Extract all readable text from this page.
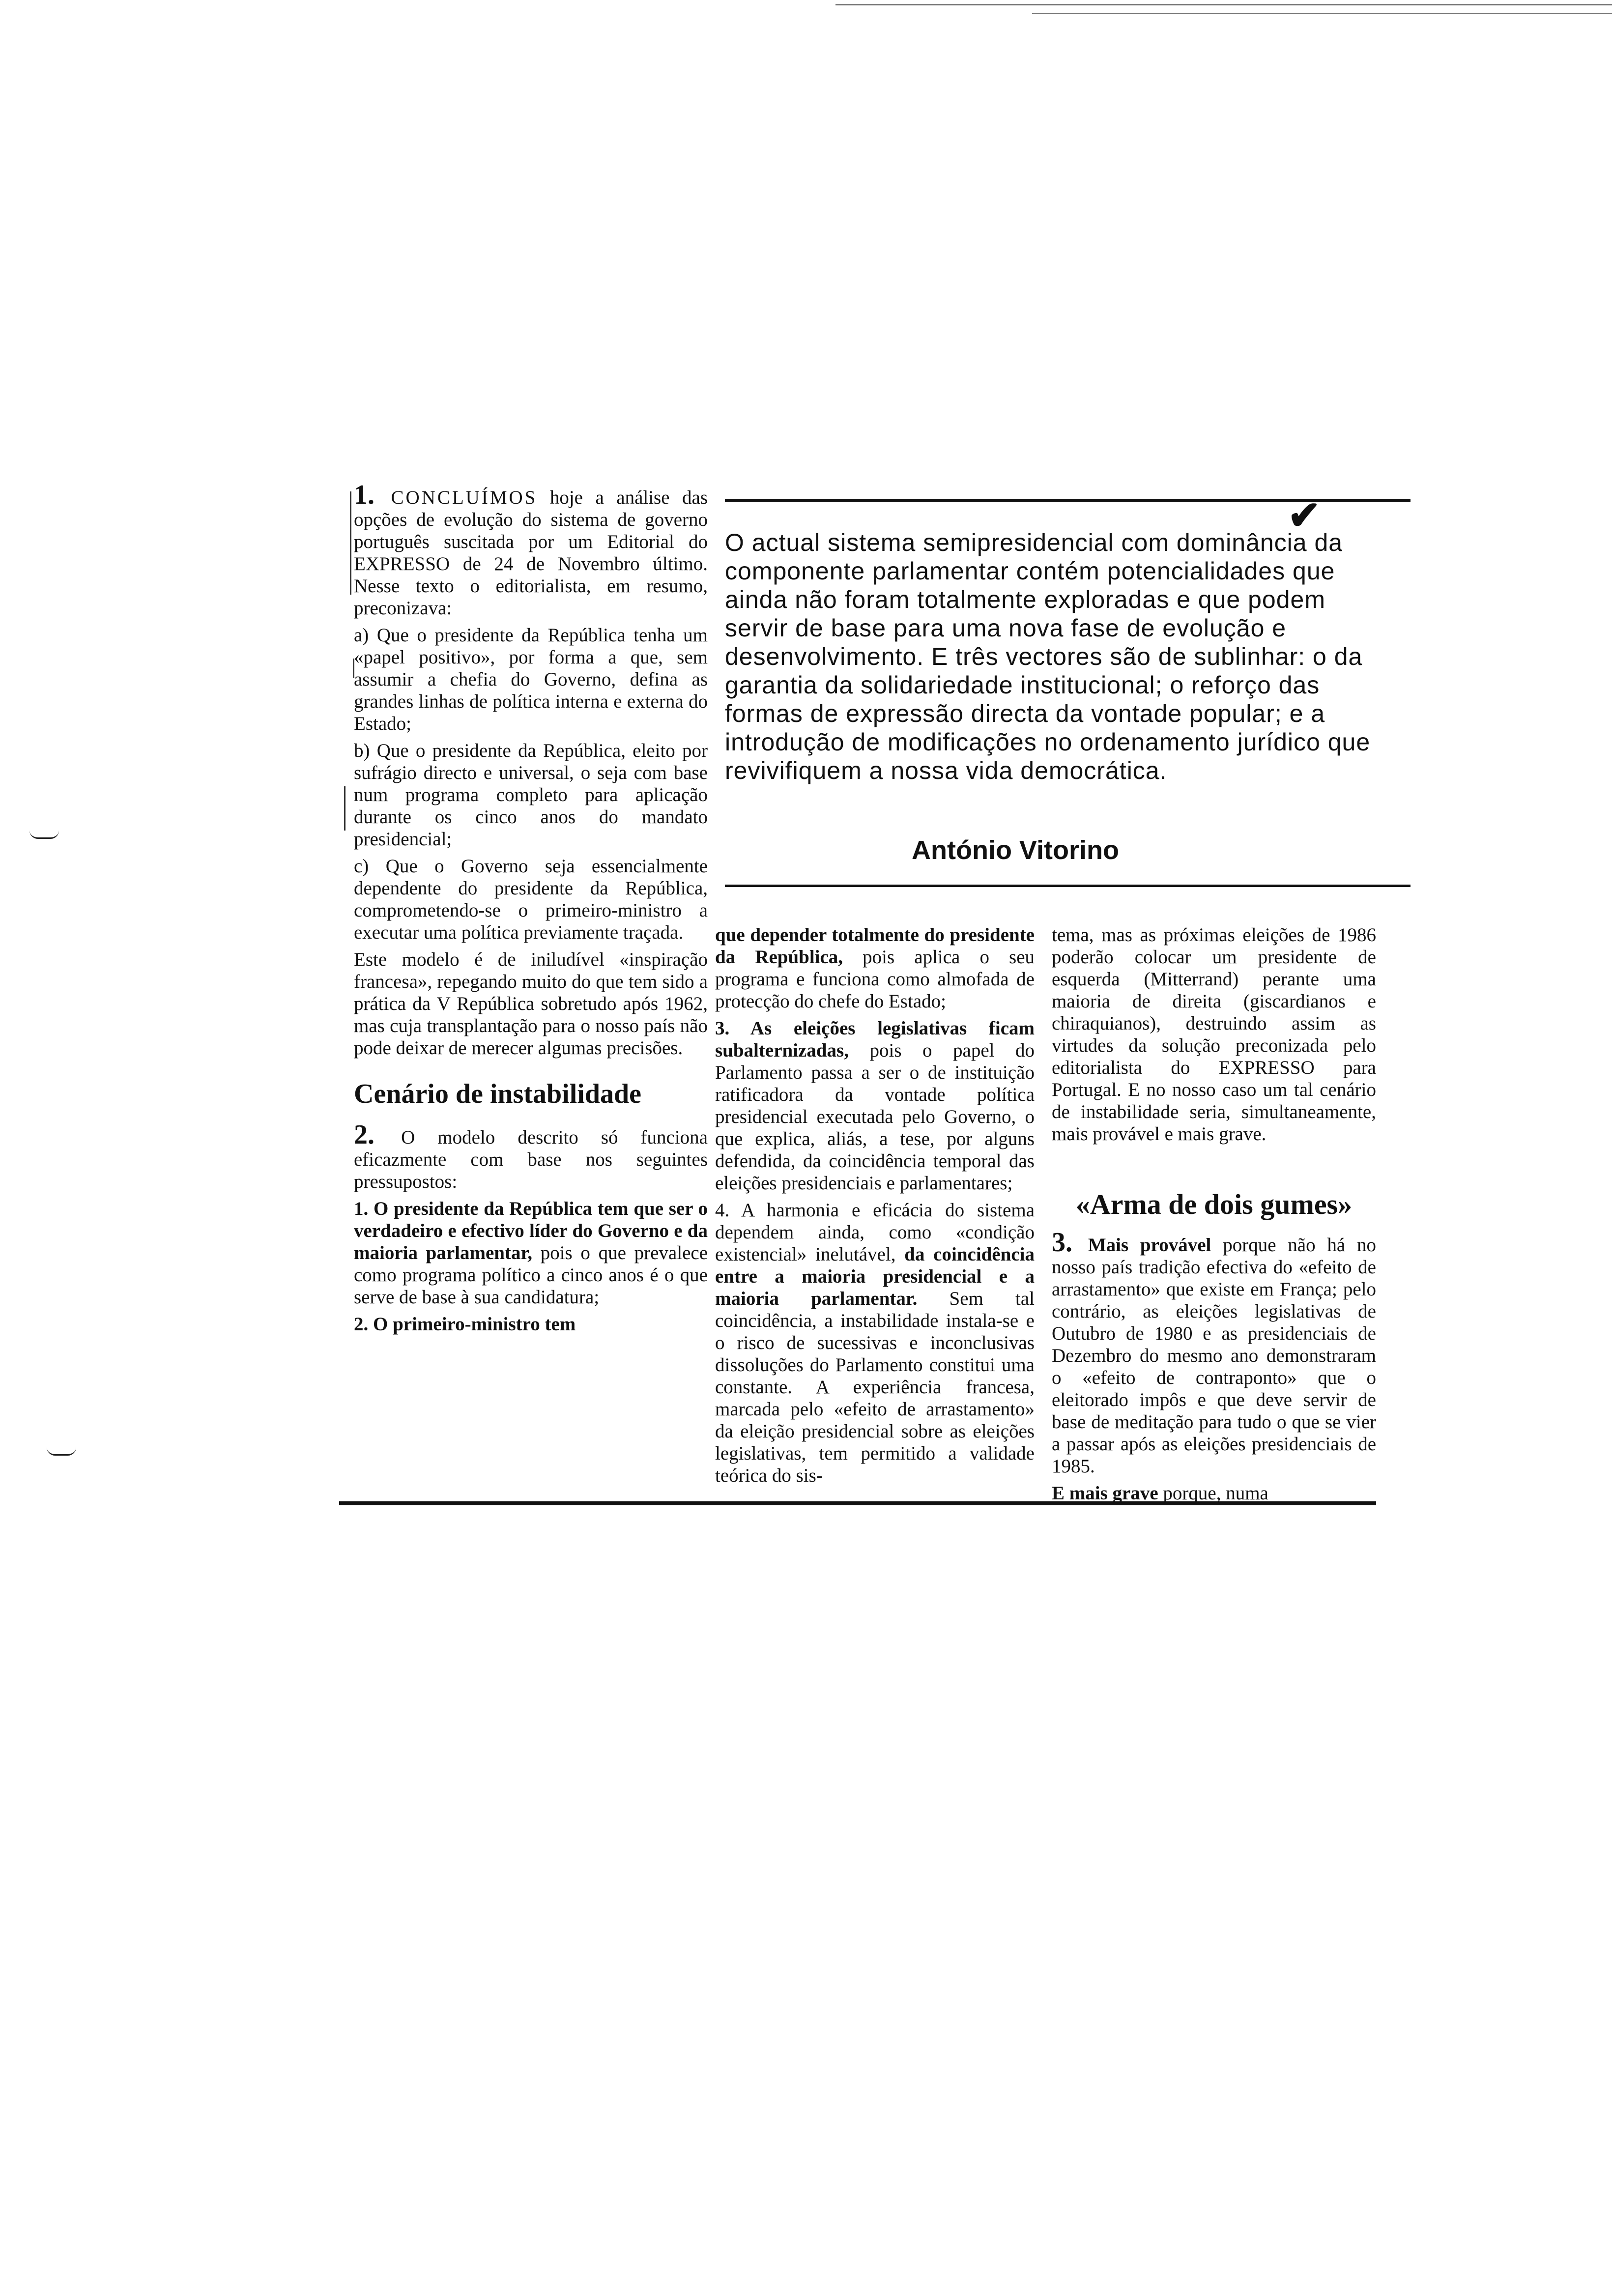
✔
O actual sistema semipresidencial com dominância da componente parlamentar contém potencialidades que ainda não foram totalmente exploradas e que podem servir de base para uma nova fase de evolução e desenvolvimento. E três vectores são de sublinhar: o da garantia da solidariedade institucional; o reforço das formas de expressão directa da vontade popular; e a introdução de modificações no ordenamento jurídico que revivifiquem a nossa vida democrática.
António Vitorino

1. CONCLUÍMOS hoje a análise das opções de evolução do sistema de governo português suscitada por um Editorial do EXPRESSO de 24 de Novembro último. Nesse texto o editorialista, em resumo, preconizava:

a) Que o presidente da República tenha um «papel positivo», por forma a que, sem assumir a chefia do Governo, defina as grandes linhas de política interna e externa do Estado;

b) Que o presidente da República, eleito por sufrágio directo e universal, o seja com base num programa completo para aplicação durante os cinco anos do mandato presidencial;

c) Que o Governo seja essencialmente dependente do presidente da República, comprometendo-se o primeiro-ministro a executar uma política previamente traçada.

Este modelo é de iniludível «inspiração francesa», repegando muito do que tem sido a prática da V República sobretudo após 1962, mas cuja transplantação para o nosso país não pode deixar de merecer algumas precisões.

Cenário de instabilidade

2. O modelo descrito só funciona eficazmente com base nos seguintes pressupostos:

1. O presidente da República tem que ser o verdadeiro e efectivo líder do Governo e da maioria parlamentar, pois o que prevalece como programa político a cinco anos é o que serve de base à sua candidatura;

2. O primeiro-ministro tem

que depender totalmente do presidente da República, pois aplica o seu programa e funciona como almofada de protecção do chefe do Estado;

3. As eleições legislativas ficam subalternizadas, pois o papel do Parlamento passa a ser o de instituição ratificadora da vontade política presidencial executada pelo Governo, o que explica, aliás, a tese, por alguns defendida, da coincidência temporal das eleições presidenciais e parlamentares;

4. A harmonia e eficácia do sistema dependem ainda, como «condição existencial» inelutável, da coincidência entre a maioria presidencial e a maioria parlamentar. Sem tal coincidência, a instabilidade instala-se e o risco de sucessivas e inconclusivas dissoluções do Parlamento constitui uma constante. A experiência francesa, marcada pelo «efeito de arrastamento» da eleição presidencial sobre as eleições legislativas, tem permitido a validade teórica do sis-

tema, mas as próximas eleições de 1986 poderão colocar um presidente de esquerda (Mitterrand) perante uma maioria de direita (giscardianos e chiraquianos), destruindo assim as virtudes da solução preconizada pelo editorialista do EXPRESSO para Portugal. E no nosso caso um tal cenário de instabilidade seria, simultaneamente, mais provável e mais grave.

«Arma de dois gumes»

3. Mais provável porque não há no nosso país tradição efectiva do «efeito de arrastamento» que existe em França; pelo contrário, as eleições legislativas de Outubro de 1980 e as presidenciais de Dezembro do mesmo ano demonstraram o «efeito de contraponto» que o eleitorado impôs e que deve servir de base de meditação para tudo o que se vier a passar após as eleições presidenciais de 1985.

E mais grave porque, numa
